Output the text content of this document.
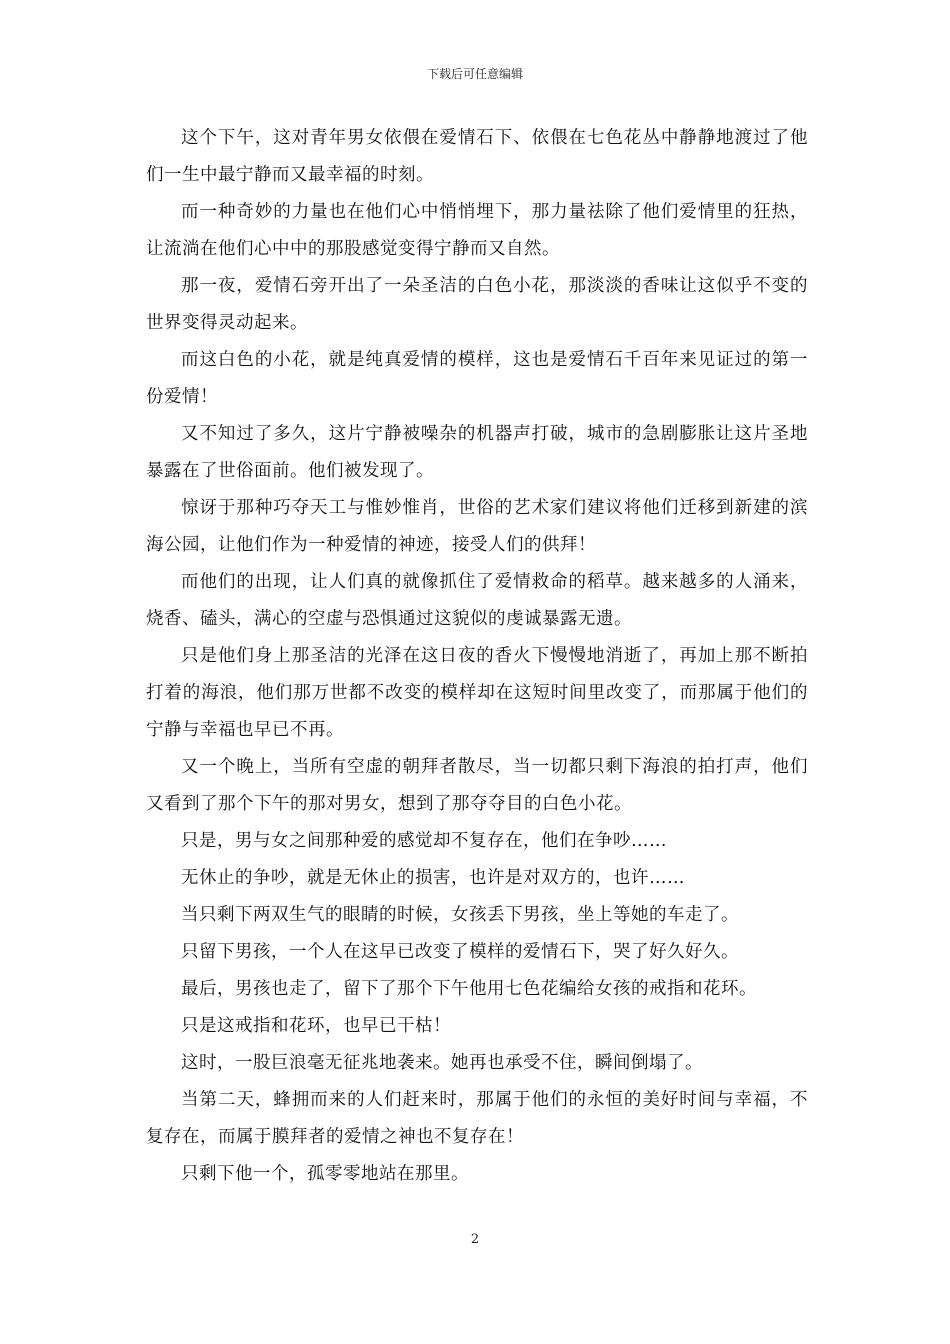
下载后可任意编辑

这个下午，这对青年男女依偎在爱情石下、依偎在七色花丛中静静地渡过了他们一生中最宁静而又最幸福的时刻。

而一种奇妙的力量也在他们心中悄悄埋下，那力量祛除了他们爱情里的狂热，让流淌在他们心中中的那股感觉变得宁静而又自然。

那一夜，爱情石旁开出了一朵圣洁的白色小花，那淡淡的香味让这似乎不变的世界变得灵动起来。

而这白色的小花，就是纯真爱情的模样，这也是爱情石千百年来见证过的第一份爱情！

又不知过了多久，这片宁静被噪杂的机器声打破，城市的急剧膨胀让这片圣地暴露在了世俗面前。他们被发现了。

惊讶于那种巧夺天工与惟妙惟肖，世俗的艺术家们建议将他们迁移到新建的滨海公园，让他们作为一种爱情的神迹，接受人们的供拜！

而他们的出现，让人们真的就像抓住了爱情救命的稻草。越来越多的人涌来，烧香、磕头，满心的空虚与恐惧通过这貌似的虔诚暴露无遗。

只是他们身上那圣洁的光泽在这日夜的香火下慢慢地消逝了，再加上那不断拍打着的海浪，他们那万世都不改变的模样却在这短时间里改变了，而那属于他们的宁静与幸福也早已不再。

又一个晚上，当所有空虚的朝拜者散尽，当一切都只剩下海浪的拍打声，他们又看到了那个下午的那对男女，想到了那夺夺目的白色小花。

只是，男与女之间那种爱的感觉却不复存在，他们在争吵……

无休止的争吵，就是无休止的损害，也许是对双方的，也许……

当只剩下两双生气的眼睛的时候，女孩丢下男孩，坐上等她的车走了。

只留下男孩，一个人在这早已改变了模样的爱情石下，哭了好久好久。

最后，男孩也走了，留下了那个下午他用七色花编给女孩的戒指和花环。

只是这戒指和花环，也早已干枯！

这时，一股巨浪毫无征兆地袭来。她再也承受不住，瞬间倒塌了。

当第二天，蜂拥而来的人们赶来时，那属于他们的永恒的美好时间与幸福，不复存在，而属于膜拜者的爱情之神也不复存在！

只剩下他一个，孤零零地站在那里。

2
